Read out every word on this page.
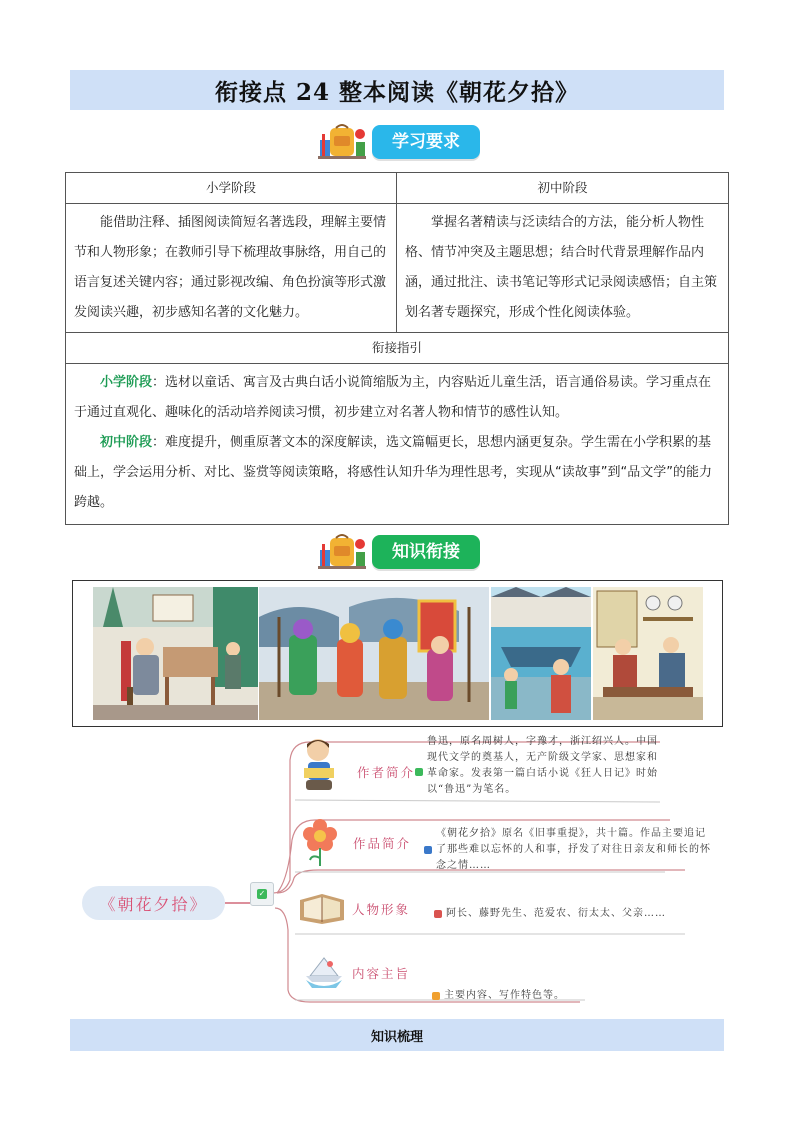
衔接点 24 整本阅读《朝花夕拾》
学习要求
小学阶段	初中阶段
能借助注释、插图阅读简短名著选段，理解主要情节和人物形象；在教师引导下梳理故事脉络，用自己的语言复述关键内容；通过影视改编、角色扮演等形式激发阅读兴趣，初步感知名著的文化魅力。	掌握名著精读与泛读结合的方法，能分析人物性格、情节冲突及主题思想；结合时代背景理解作品内涵，通过批注、读书笔记等形式记录阅读感悟；自主策划名著专题探究，形成个性化阅读体验。
衔接指引	

小学阶段：选材以童话、寓言及古典白话小说简缩版为主，内容贴近儿童生活，语言通俗易读。学习重点在于通过直观化、趣味化的活动培养阅读习惯，初步建立对名著人物和情节的感性认知。

初中阶段：难度提升，侧重原著文本的深度解读，选文篇幅更长，思想内涵更复杂。学生需在小学积累的基础上，学会运用分析、对比、鉴赏等阅读策略，将感性认知升华为理性思考，实现从“读故事”到“品文学”的能力跨越。	

知识衔接
《朝花夕拾》
✓
作者简介
鲁迅，原名周树人，字豫才，浙江绍兴人。中国现代文学的奠基人，无产阶级文学家、思想家和革命家。发表第一篇白话小说《狂人日记》时始以“鲁迅”为笔名。
作品简介
《朝花夕拾》原名《旧事重提》，共十篇。作品主要追记了那些难以忘怀的人和事，抒发了对往日亲友和师长的怀念之情……
人物形象	阿长、藤野先生、范爱农、衍太太、父亲……
内容主旨
主要内容、写作特色等。
知识梳理
